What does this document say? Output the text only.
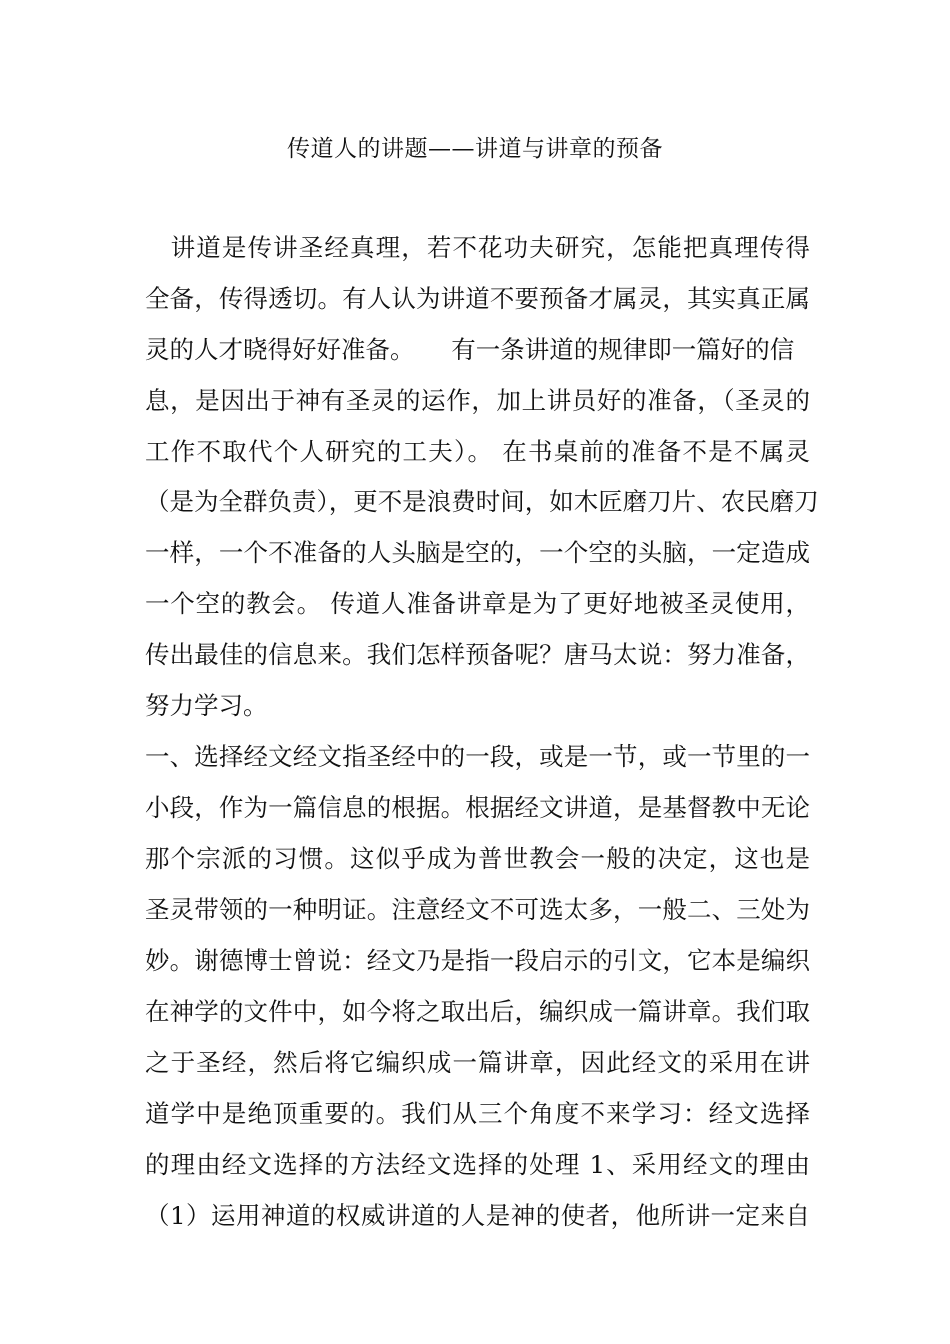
传道人的讲题——讲道与讲章的预备
　讲道是传讲圣经真理，若不花功夫研究，怎能把真理传得
全备，传得透切。有人认为讲道不要预备才属灵，其实真正属
灵的人才晓得好好准备。　　有一条讲道的规律即一篇好的信
息，是因出于神有圣灵的运作，加上讲员好的准备，（圣灵的
工作不取代个人研究的工夫）。 在书桌前的准备不是不属灵
（是为全群负责），更不是浪费时间，如木匠磨刀片、农民磨刀
一样，一个不准备的人头脑是空的，一个空的头脑，一定造成
一个空的教会。 传道人准备讲章是为了更好地被圣灵使用，
传出最佳的信息来。我们怎样预备呢？唐马太说：努力准备，
努力学习。
一、选择经文经文指圣经中的一段，或是一节，或一节里的一
小段，作为一篇信息的根据。根据经文讲道，是基督教中无论
那个宗派的习惯。这似乎成为普世教会一般的决定，这也是
圣灵带领的一种明证。注意经文不可选太多，一般二、三处为
妙。谢德博士曾说：经文乃是指一段启示的引文，它本是编织
在神学的文件中，如今将之取出后，编织成一篇讲章。我们取
之于圣经，然后将它编织成一篇讲章，因此经文的采用在讲
道学中是绝顶重要的。我们从三个角度不来学习：经文选择
的理由经文选择的方法经文选择的处理 1、采用经文的理由
（1）运用神道的权威讲道的人是神的使者，他所讲一定来自
